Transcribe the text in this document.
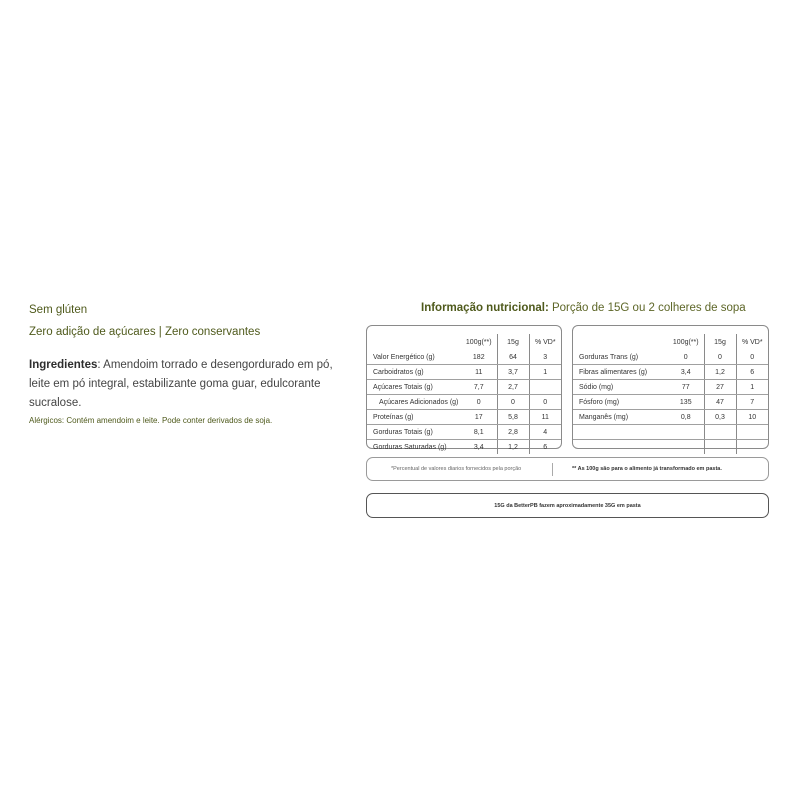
Sem glúten

Zero adição de açúcares | Zero conservantes

Ingredientes: Amendoim torrado e desengordurado em pó, leite em pó integral, estabilizante goma guar, edulcorante sucralose.
Alérgicos: Contém amendoim e leite. Pode conter derivados de soja.
Informação nutricional: Porção de 15G ou 2 colheres de sopa
	100g(**)	15g	% VD*
Valor Energético (g)	182	64	3
Carboidratos (g)	11	3,7	1
Açúcares Totais (g)	7,7	2,7	
Açúcares Adicionados (g)	0	0	0
Proteínas (g)	17	5,8	11
Gorduras Totais (g)	8,1	2,8	4
Gorduras Saturadas (g)	3,4	1,2	6
	100g(**)	15g	% VD*
Gorduras Trans (g)	0	0	0
Fibras alimentares (g)	3,4	1,2	6
Sódio (mg)	77	27	1
Fósforo (mg)	135	47	7
Manganês (mg)	0,8	0,3	10

*Percentual de valores diarios fornecidos pela porção	** As 100g são para o alimento já transformado em pasta.
15G da BetterPB fazem aproximadamente 35G em pasta
